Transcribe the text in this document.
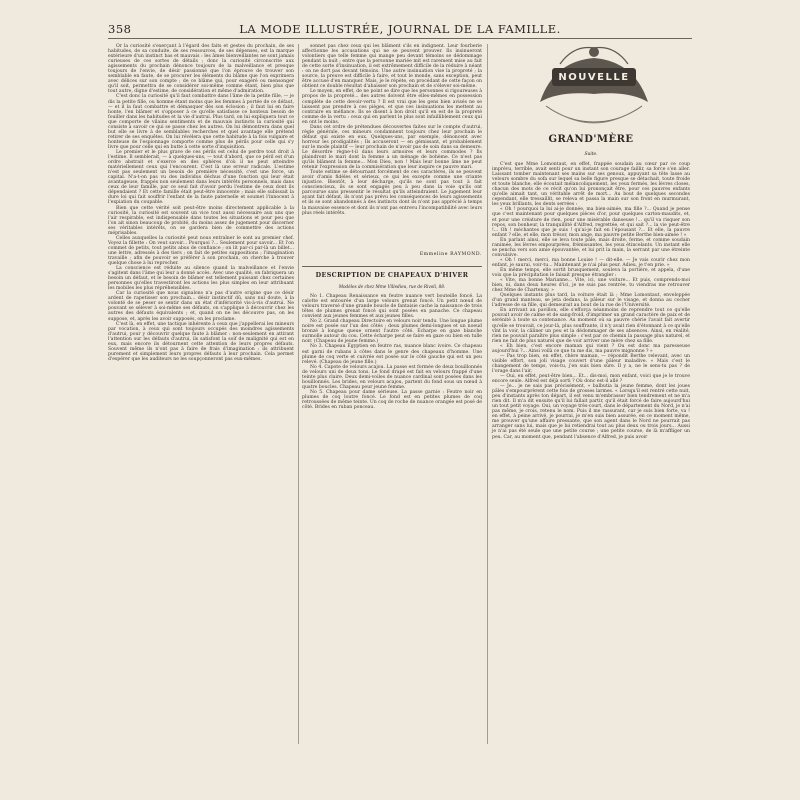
358	LA MODE ILLUSTRÉE, JOURNAL DE LA FAMILLE.

Or la curiosité s'exerçant à l'égard des faits et gestes du prochain, de ses habitudes, de sa conduite, de ses ressources, de ses dépenses, est la marque extérieure d'un instinct bas et mauvais : les âmes bienveillantes ne sont jamais curieuses de ces sortes de détails ; donc la curiosité circonscrite aux agissements du prochain dénonce toujours de la malveillance et presque toujours de l'envie, de désir passionné que l'on éprouve de trouver son semblable en faute, de se procurer les éléments du blâme que l'on exprimera avec délices sur son compte ; de ce blâme qui, pour exagéré ou mensonger qu'il soit, permettra de se considérer soi-même comme étant, bien plus que tout autre, digne d'estime, de considération et même d'admiration.

C'est donc la curiosité qu'il faut combattre dans l'âme de la petite fille, — je dis la petite fille, ou homme étant moins que les femmes à portée de ce défaut, — et il la faut combattre et démasquer dès son éclosion ; il faut lui en faire honte, l'en blâmer et s'opposer à ce qu'elle satisfasse ce honteux besoin de fouiller dans les habitudes et la vie d'autrui. Plus tard, on lui expliquera tout ce que comporte de vilains sentiments et de mauvais instincts la curiosité qui consiste à savoir ce qui se passe chez les autres. On lui démontrera dans quel but elle se livre à de semblables recherches et quel avantage elle prétend retirer de ses enquêtes. On lui révélera que cette habitude à la fois vulgaire et honteuse de l'espionnage comporte comme plus de périls pour celle qui s'y livre que pour celle qui en butte à cette sorte d'inquisition.

Le premier et le plus grave de ces périls est celui de perdre tout droit à l'estime. Il semblerait, — à quelques-uns, — tout d'abord, que ce péril est d'un ordre abstrait et s'exerce en des sphères d'où il ne peut atteindre matériellement ceux qui l'encourent. C'est là une erreur radicale. L'estime n'est pas seulement un besoin de première nécessité, c'est une force, un capital. N'a-t-on pas vu des individus déchus d'une fonction qui leur était avantageuse, frappés non seulement dans leurs intérêts personnels, mais dans ceux de leur famille, par ce seul fait d'avoir perdu l'estime de ceux dont ils dépendaient ? Et cette famille était peut-être innocente ; mais elle subissait la dure loi qui fait souffrir l'enfant de la faute paternelle et soumet l'innocent à l'expiation du coupable.

Bien que cette vérité soit peut-être moins directement applicable à la curiosité, la curiosité est souvent un vice tout aussi nécessaire aux uns que l'air respirable, est indispensable dans toutes les situations et pour peu que l'on ait sinon beaucoup de probité, du moins assez de jugement pour discerner ses véritables intérêts, on se gardera bien de commettre des actions méprisables.

Celles auxquelles la curiosité peut nous entraîner le sont au premier chef. Voyez la fillette : On veut savoir... Pourquoi ?... Seulement pour savoir... Et l'on commet de petits, tout petits abus de confiance ; on lit par-ci par-là un billet... une lettre, adressés à des tiers ; on fait de petites suppositions ; l'imagination travaille ; afin de pouvoir se préférer à son prochain, on cherche à trouver quelque chose à lui reprocher.

La conscience est réduite au silence quand la malveillance et l'envie s'agitent dans l'âme qui leur a donné accès. Avec une qualité, on fabriquera un besoin un défaut, et le besoin de blâmer est tellement puissant chez certaines personnes qu'elles travestiront les actions les plus simples en leur attribuant les mobiles les plus répréhensibles.

Car la curiosité que nous signalons n'a pas d'autre origine que ce désir ardent de rapetisser son prochain... désir instinctif dû, sans nul doute, à la volonté de se peser se sentir dans un état d'infériorité vis-à-vis d'autrui. Ne pouvant se sélever à soi-même ses défauts, on s'applique à découvrir chez les autres des défauts équivalents ; et, quand on ne les découvre pas, on les suppose, et, après les avoir supposés, on les proclame.

C'est là, en effet, une tactique inhérente à ceux que j'appellerai les mineurs par vocation, à ceux qui sont toujours occupés des moindres agissements d'autrui, pour y découvrir quelque faute à blâmer : non-seulement en attirant l'attention sur les défauts d'autrui, ils satisfont la soif de malignité qui est en eux, mais encore ils détournent cette attention de leurs propres défauts. Souvent même ils n'ont pas à faire de frais d'imagination : ils attribuent purement et simplement leurs propres défauts à leur prochain. Cela permet d'espérer que les auditeurs ne les soupçonneront pas eux-mêmes.

sonnet pas chez ceux qui les blâment s'ils en indignent. Leur fourberie affectionne les accusations qui ne se peuvent prouver. Ils insinueront volontiers que telle femme qui mange peu devant témoins se dédommage pendant la nuit ; entre que la personne mariée mit est rarement mise au fait de cette sorte d'insinuation, il est extrêmement difficile de la réduire à néant : on ne dort pas devant témoins. Une autre insinuation vise la propreté ; la source, la preuve est difficile à faire, et tout le monde, sans exception, peut être accusé d'en manquer. Mais, je le répète, en procédant de cette façon on obtient ce double résultat d'abaisser son prochain et de s'élever soi-même.

Le moyen, en effet, de ne point se dire que les personnes si rigoureuses à propos de la propreté... des autres doivent être elles-mêmes en possession complète de cette devoir-vertu ? Il est vrai que les gens bien avisés ne se laissent pas prendre à ces pièges, et que ces insinuations les mettent au contraire en méfiance. Ils se disent à bon droit qu'il en est de la propreté comme de la vertu : ceux qui en parlent le plus sont infailliblement ceux qui en ont le moins.

Dans cet ordre de prétendues découvertes faites sur le compte d'autrui, règle générale, ces mineurs condamnent toujours chez leur prochain le défaut qui existe en eux. Quelques-uns, par exemple, dénoncent avec horreur les prodigalités ; Ils accuseront — en gémissant, et probablement sur le mode plaintif — leur prochain de n'avoir pas de soin dans sa demeure. Le désordre règne-t-il dans leurs armoires et leurs commodes ? Ils plaindront le mari dont la femme a un ménage de bohème. Ce n'est pas qu'ils blâment la femme... Mon Dieu, non ! Mais leur bonne âme ne peut retenir l'expression de la commisération que leur inspire ce pauvre mari.

Toute estime se détournant forcément de ces caractères, ils se peuvent avoir d'amis fidèles et sérieux, ce qui les excepte comme une criante injustice. Bientôt, à leur décharge, qu'ils ne sont pas tout à fait consciencieux, ils se sont engagés peu à peu dans la voie qu'ils ont parcourue sans pressentir le résultat qu'ils atteindraient. Le jugement leur ayant fait défaut, ils n'ont pas prévu les conséquences de leurs agissements et ils se sont abandonnés à des instincts dont ils n'ont pas apprécié à temps la mauvaise essence et dont ils n'ont pas entrevu l'incompatibilité avec leurs plus réels intérêts.

Emmeline RAYMOND.
DESCRIPTION DE CHAPEAUX D'HIVER
Modèles de chez Mme Villedieu, rue de Rivoli, 88.

No 1. Chapeau Renaissance en feutre nuance vert bouteille foncé. La calotte est entourée d'un large velours grenat foncé. Un petit nœud de velours traversé d'une grande boucle de fantaisie cache la naissance de trois têtes de plumes grenat foncé qui sont posées en panache. Ce chapeau convient aux jeunes femmes et aux jeunes filles.

No 2. Grand chapeau Directoire en velours noir tendu. Une longue plume noire est posée sur l'un des côtés ; deux plumes demi-longues et un noeud bronzé à longue queue ornent l'autre côté. Écharpe en gaze blanche surmolle autour du cou. Cette écharpe peut se faire en gaze ou bien en tulle noir. (Chapeau de jeune femme.)

No 3. Chapeau Égyptien en feutre ras, nuance blanc ivoire. Ce chapeau est garni de rubans à côtes dans le genre des chapeaux d'homme. Une plume de coq verte et cuivrée est posée sur le côté gauche qui est un peu relevé. (Chapeau de jeune fille.)

No 4. Capote de velours acajou. La passe est formée de deux bouillonnés de velours uni de deux tons. Le fond drapé est fait en velours frappé d'une teinte plus claire. Deux demi-voiles de nuance cardinal sont posées dans les bouillonnés. Les brides, en velours acajou, partent du fond sous un nœud à quatre boucles. Chapeau pour jeune femme.

No 5. Chapeau pour dame sérieuse. La passe garnie : Feutre noir en plumes de coq loutre foncé. Le fond est en petites plumes de coq retroussées de même teinte. Un coq de roche de nuance orangée est posé de côté. Brides en ruban ponceau.

NOUVELLE
GRAND'MÈRE
Suite.

C'est que Mme Lomontaut, en effet, frappée soudain au cœur par ce coup imprévu, terrible, avait senti pour un instant son courage faillir, sa force s'en aller. Laissant tomber maintenant ses mains sur ses genoux, appuyant sa tête lasse au velours sombre du sofa sur lequel sa belle figure presque se détachait, toute froide et toute blanche, elle écoutait mélancoliquement, les yeux fermés, les lèvres closes, chacun des mots de ce récit qu'on lui prononçait être, pour ces pauvres enfants qu'elle aimait tant, un véritable arrêt de mort... Au bout de quelques secondes cependant, elle tressaillit, se releva et passa la main sur son front en murmurant, les yeux brillants, les dents serrées :

« Oh ! pourquoi la lui ai-je donnée, ma bien-aimée, ma fille ?... Quand je pense que c'est maintenant pour quelques pièces d'or, pour quelques carton-maudits, et, et pour une créature de rien, pour une misérable danseuse !... qu'il va risquer son repos, son bonheur, la tranquillité d'Alfred, regrettée, et qui sait ?... la vie peut-être !... Oh ! méchantes que je suis ! qu'ai-je fait en l'épousant ?... Et elle, la pauvre enfant ? elle, et elle, mon trésor, mon ange, ma pauvre petite Berthe bien-aimée ! »

En parlant ainsi, elle se leva toute pâle, mais droite, ferme, et comme soudain ranimée, les lèvres empourprées, frémissantes, les yeux étincelants. Un instant elle se pencha vers son amie épouvantée, et lui prit la main, la serrant par une étreinte convulsive.

« Oh ! merci, merci, ma bonne Louise ! — dit-elle. — Je vais courir chez mon enfant, je saurai, voir-tu... Maintenant je n'ai plus peur. Adieu, je t'en prie. »

En même temps, elle sortit brusquement, souleva la portière, et appela, d'une voix que la précipitation le faisait presque étrangler :

« Vite, ma bonne Marianne... Vite, ici, une voiture... Et puis, comprends-moi bien, ni, dans deux heures d'ici, je ne suis pas rentrée, tu viendras me retrouver chez Mme de Chartenay. »

Quelques instants plus tard, la voiture était là ; Mme Lomontaut, enveloppée d'un grand manteau, se jeta dedans, la pâleur sur le visage, et donna au cocher l'adresse de sa fille, qui demeurait au bout de la rue de l'Université.

En arrivant au pavillon, elle s'efforça néanmoins de reprendre tout ce qu'elle pouvait avoir de calme et de sang-froid, d'imprimer un grand caractère de paix et de sérénité à toute sa contenance. Au moment où sa pauvre chérie l'avait fait avertir qu'elle se trouvait, ce jour-là, plus souffrante, il n'y avait rien d'étonnant à ce qu'elle vînt la voir, la câliner un peu et la dédommager de ses absences. Ainsi, en réalité, rien ne pouvait paraître plus simple : c'est par ce chemin la passage plus naturel, et rien ne fait de plus naturel que de voir arriver une mère chez sa fille.

« Eh bien, c'est encore maman qui vient ? Ou est donc ma paresseuse aujourd'hui ?... Ainsi voilà ce que tu me dis, ma pauvre mignonne ? »

— Pas trop bien, en effet, chère maman, — répondit Berthe relevant, avec un visible effort, son joli visage couvert d'une pâleur maladive. « Mais c'est le changement de temps, vois-tu, j'en suis bien sûre. Il y a, ne le sens-tu pas ? de l'orage dans l'air.

— Oui, en effet, peut-être bien... Et... dis-moi, mon enfant, voici que je le trouve encore seule. Alfred est déjà sorti ? Où donc est-il allé ?

— Je... je ne sais pas précisément, » balbutia la jeune femme, dont les joues pâles s'empourprèrent cette fois de grosses larmes. « Lorsqu'il est rentré cette nuit, peu d'instants après ton départ, il est venu m'embrasser bien tendrement et ne m'a rien dit. Il m'a dit ensuite qu'il lui fallait partir, qu'il était forcé de faire aujourd'hui un tout petit voyage. Oui, un voyage très-court, dans le département du Nord, je n'ai pas même, je crois, retenu le nom. Puis il me rassurant, car je suis bien forte, va ! en effet, à peine arrivé, je pourrai, je m'en suis bien assurée, en ce moment même, me prouver qu'une affaire pressante, que son agent dans le Nord ne pourrait pas arranger sans lui, mais que je lui retiendrai tout au plus deux ou trois jours... Aussi je n'ai pas été seule que une petite course ; une petite course, de là m'affliger un peu. Car, au moment que, pendant l'absence d'Alfred, je puis avoir
